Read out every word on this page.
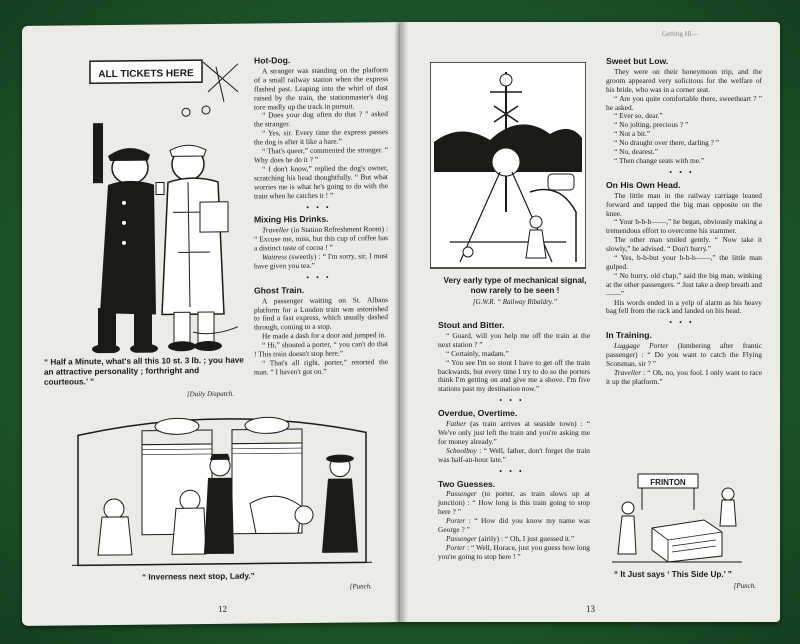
ALL TICKETS HERE
“ Half a Minute, what's all this 10 st. 3 lb. ; you have an attractive personality ; forthright and courteous.’ ”
[Daily Dispatch.
Hot-Dog.

A stranger was standing on the platform of a small railway station when the express flashed past. Leaping into the whirl of dust raised by the train, the stationmaster's dog tore madly up the track in pursuit.

“ Does your dog often do that ? ” asked the stranger.

“ Yes, sir. Every time the express passes the dog is after it like a hare.”

“ That's queer,” commented the stranger. “ Why does he do it ? ”

“ I don't know,” replied the dog's owner, scratching his head thoughtfully. “ But what worries me is what he's going to do with the train when he catches it ! ”

•••
Mixing His Drinks.

Traveller (in Station Refreshment Room) : “ Excuse me, miss, but this cup of coffee has a distinct taste of cocoa ! ”

Waitress (sweetly) : “ I'm sorry, sir, I must have given you tea.”

•••
Ghost Train.

A passenger waiting on St. Albans platform for a London train was astonished to find a fast express, which usually dashed through, coming to a stop.

He made a dash for a door and jumped in.

“ Hi,” shouted a porter, “ you can't do that ! This train doesn't stop here.”

“ That's all right, porter,” retorted the man. “ I haven't got on.”

“ Inverness next stop, Lady.”
[Punch.
12
Very early type of mechanical signal, now rarely to be seen !
[G.W.R. “ Railway Ribaldry.”
Stout and Bitter.

“ Guard, will you help me off the train at the next station ? ”

“ Certainly, madam.”

“ You see I'm so stout I have to get off the train backwards, but every time I try to do so the porters think I'm getting on and give me a shove. I'm five stations past my destination now.”

•••
Overdue, Overtime.

Father (as train arrives at seaside town) : “ We've only just left the train and you're asking me for money already.”

Schoolboy : “ Well, father, don't forget the train was half-an-hour late.”

•••
Two Guesses.

Passenger (to porter, as train slows up at junction) : “ How long is this train going to stop here ? ”

Porter : “ How did you know my name was George ? ”

Passenger (airily) : “ Oh, I just guessed it.”

Porter : “ Well, Horace, just you guess how long you're going to stop here ! ”

Getting Hi—
Sweet but Low.

They were on their honeymoon trip, and the groom appeared very solicitous for the welfare of his bride, who was in a corner seat.

“ Are you quite comfortable there, sweetheart ? ” he asked.

“ Ever so, dear.”

“ No jolting, precious ? ”

“ Not a bit.”

“ No draught over there, darling ? ”

“ No, dearest.”

“ Then change seats with me.”

•••
On His Own Head.

The little man in the railway carriage leaned forward and tapped the big man opposite on the knee.

“ Your b-b-b——,” he began, obviously making a tremendous effort to overcome his stammer.

The other man smiled gently. “ Now take it slowly,” he advised. “ Don't hurry.”

“ Yes, b-b-but your b-b-b——,” the little man gulped.

“ No hurry, old chap,” said the big man, winking at the other passengers. “ Just take a deep breath and ——”

His words ended in a yelp of alarm as his heavy bag fell from the rack and landed on his head.

•••
In Training.

Luggage Porter (lumbering after frantic passenger) : “ Do you want to catch the Flying Scotsman, sir ? ”

Traveller : “ Oh, no, you fool. I only want to race it up the platform.”

FRINTON
“ It Just says ‘ This Side Up.’ ”
[Punch.
13
